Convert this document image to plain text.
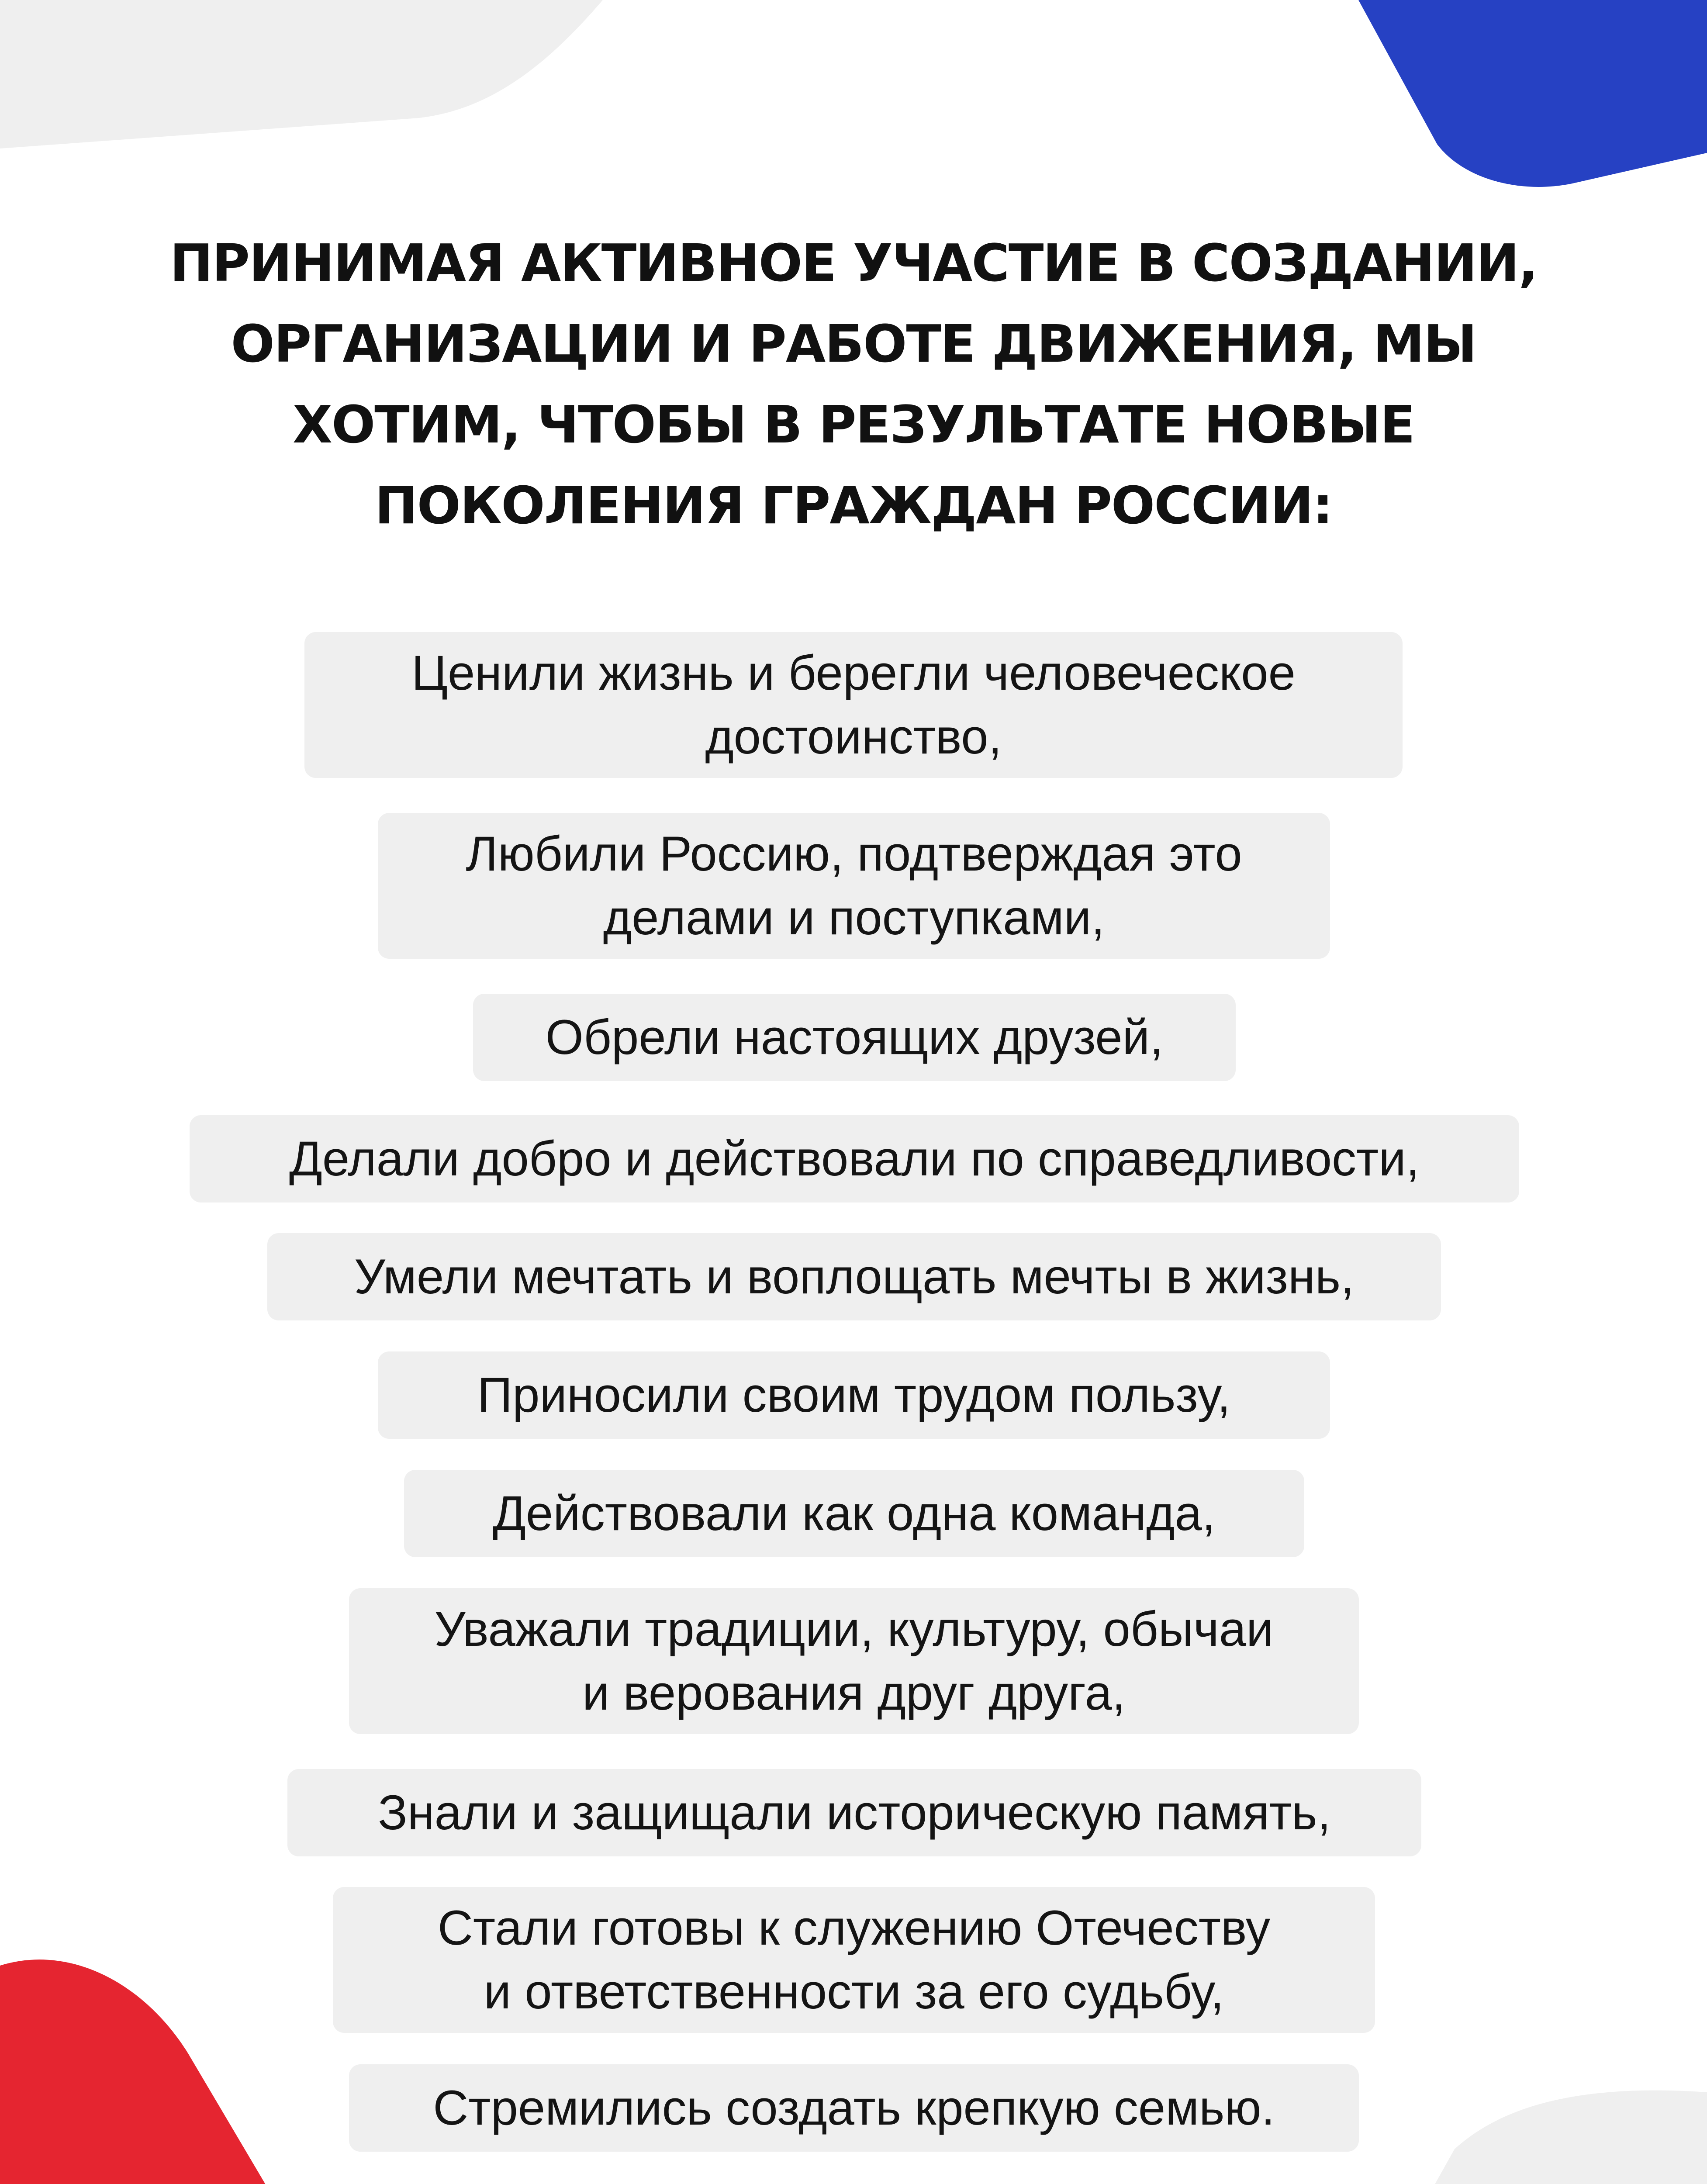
ПРИНИМАЯ АКТИВНОЕ УЧАСТИЕ В СОЗДАНИИ,
ОРГАНИЗАЦИИ И РАБОТЕ ДВИЖЕНИЯ, МЫ
ХОТИМ, ЧТОБЫ В РЕЗУЛЬТАТЕ НОВЫЕ
ПОКОЛЕНИЯ ГРАЖДАН РОССИИ:
Ценили жизнь и берегли человеческое
достоинство,
Любили Россию, подтверждая это
делами и поступками,
Обрели настоящих друзей,
Делали добро и действовали по справедливости,
Умели мечтать и воплощать мечты в жизнь,
Приносили своим трудом пользу,
Действовали как одна команда,
Уважали традиции, культуру, обычаи
и верования друг друга,
Знали и защищали историческую память,
Стали готовы к служению Отечеству
и ответственности за его судьбу,
Стремились создать крепкую семью.
